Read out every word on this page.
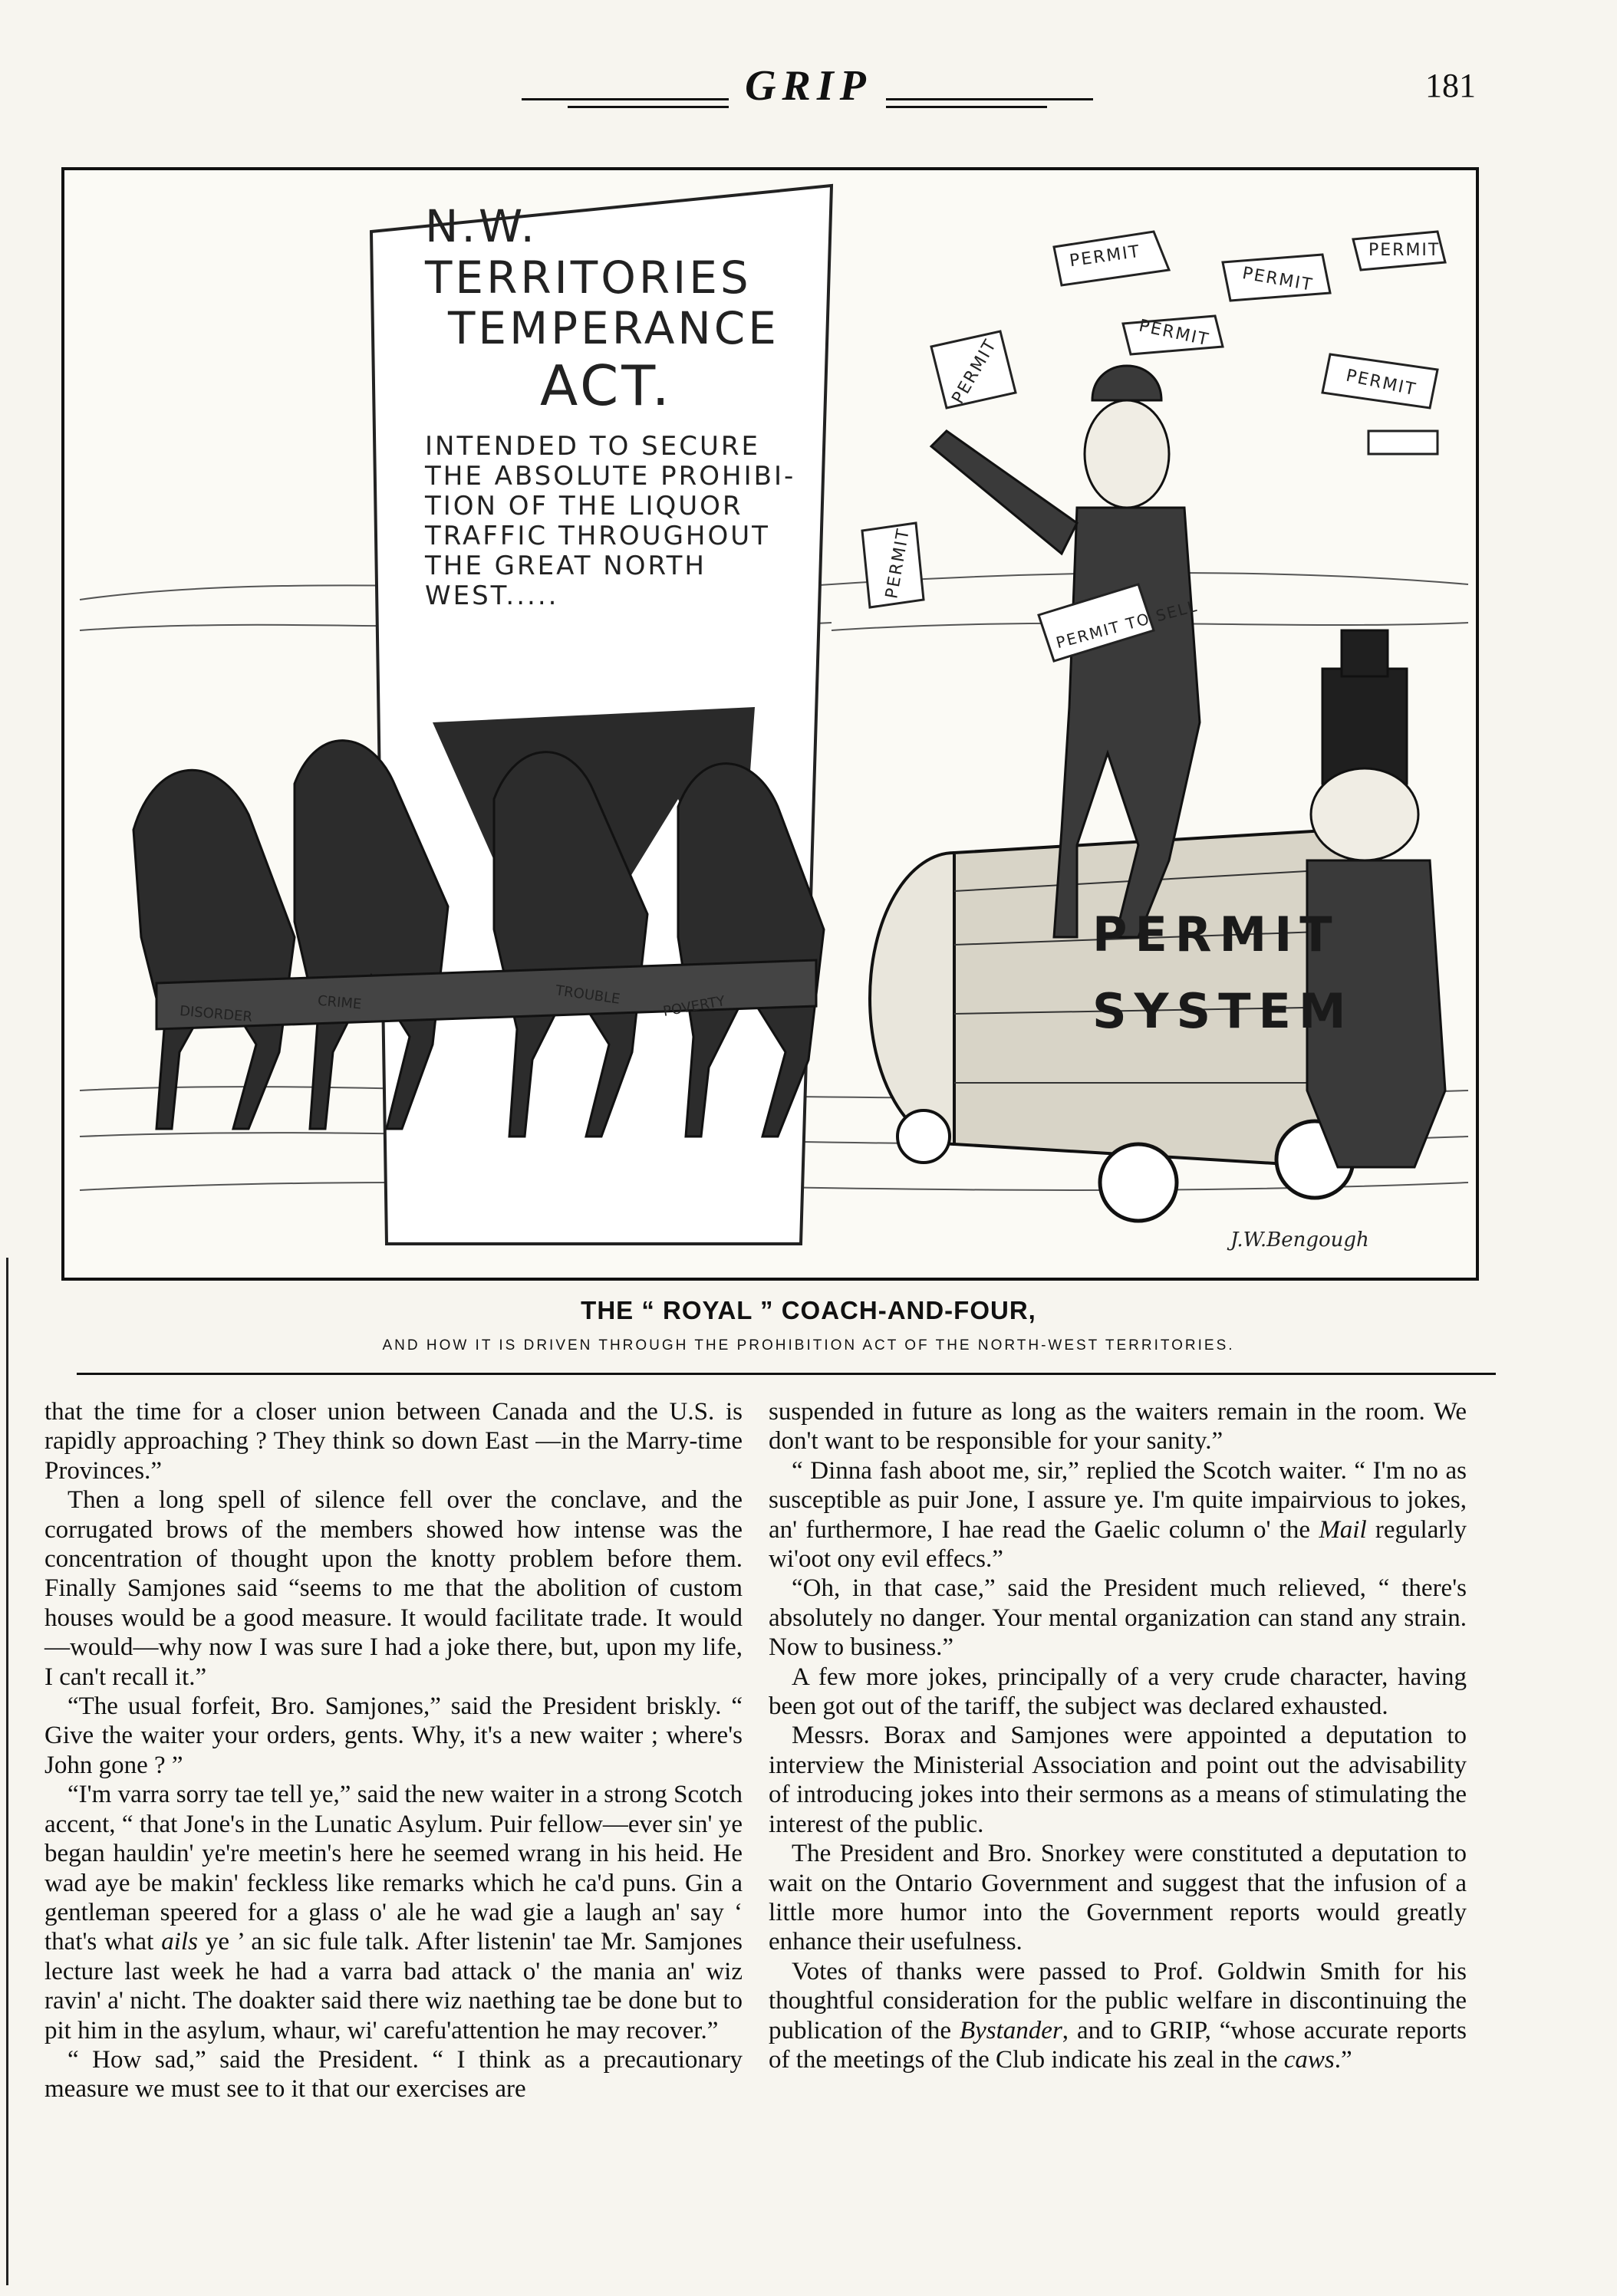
GRIP	181
N.W. TERRITORIES
TEMPERANCE
ACT.
INTENDED TO SECURE
THE ABSOLUTE PROHIBI-
TION OF THE LIQUOR
TRAFFIC THROUGHOUT
THE GREAT NORTH
WEST.....
PERMIT
PERMIT
PERMIT
PERMIT
PERMIT	PERMIT
PERMIT
PERMIT TO SELL
PERMIT
SYSTEM
DISORDER
CRIME	TROUBLE	POVERTY
J.W.Bengough
THE “ ROYAL ” COACH-AND-FOUR,
AND HOW IT IS DRIVEN THROUGH THE PROHIBITION ACT OF THE NORTH-WEST TERRITORIES.

that the time for a closer union between Canada and the U.S. is rapidly approaching ? They think so down East —in the Marry-time Provinces.”

Then a long spell of silence fell over the conclave, and the corrugated brows of the members showed how intense was the concentration of thought upon the knotty problem before them. Finally Samjones said “seems to me that the abolition of custom houses would be a good measure. It would facilitate trade. It would—would—why now I was sure I had a joke there, but, upon my life, I can't recall it.”

“The usual forfeit, Bro. Samjones,” said the President briskly. “ Give the waiter your orders, gents. Why, it's a new waiter ; where's John gone ? ”

“I'm varra sorry tae tell ye,” said the new waiter in a strong Scotch accent, “ that Jone's in the Lunatic Asylum. Puir fellow—ever sin' ye began hauldin' ye're meetin's here he seemed wrang in his heid. He wad aye be makin' feckless like remarks which he ca'd puns. Gin a gentleman speered for a glass o' ale he wad gie a laugh an' say ‘ that's what ails ye ’ an sic fule talk. After listenin' tae Mr. Samjones lecture last week he had a varra bad attack o' the mania an' wiz ravin' a' nicht. The doakter said there wiz naething tae be done but to pit him in the asylum, whaur, wi' carefu'attention he may recover.”

“ How sad,” said the President. “ I think as a precautionary measure we must see to it that our exercises are

suspended in future as long as the waiters remain in the room. We don't want to be responsible for your sanity.”

“ Dinna fash aboot me, sir,” replied the Scotch waiter. “ I'm no as susceptible as puir Jone, I assure ye. I'm quite impairvious to jokes, an' furthermore, I hae read the Gaelic column o' the Mail regularly wi'oot ony evil effecs.”

“Oh, in that case,” said the President much relieved, “ there's absolutely no danger. Your mental organization can stand any strain. Now to business.”

A few more jokes, principally of a very crude character, having been got out of the tariff, the subject was declared exhausted.

Messrs. Borax and Samjones were appointed a deputation to interview the Ministerial Association and point out the advisability of introducing jokes into their sermons as a means of stimulating the interest of the public.

The President and Bro. Snorkey were constituted a deputation to wait on the Ontario Government and suggest that the infusion of a little more humor into the Government reports would greatly enhance their usefulness.

Votes of thanks were passed to Prof. Goldwin Smith for his thoughtful consideration for the public welfare in discontinuing the publication of the Bystander, and to GRIP, “whose accurate reports of the meetings of the Club indicate his zeal in the caws.”
